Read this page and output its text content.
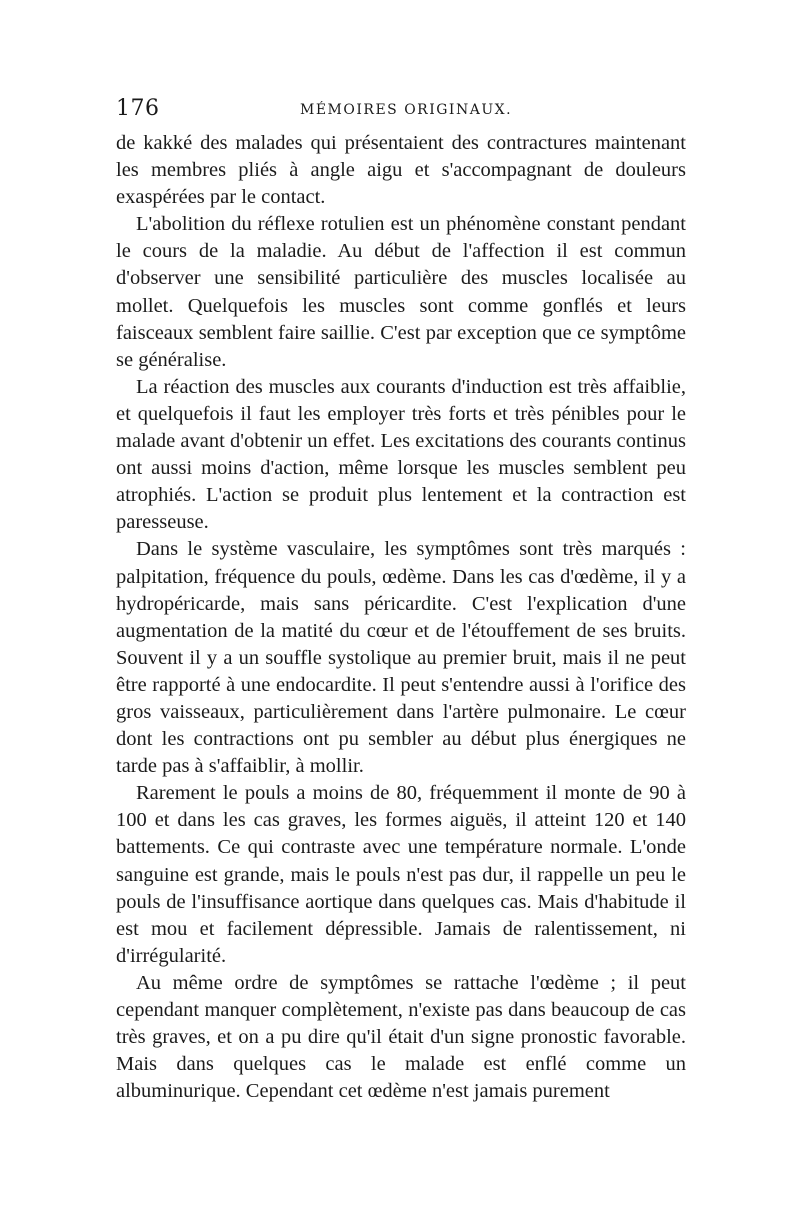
176	MÉMOIRES ORIGINAUX.

de kakké des malades qui présentaient des contractures maintenant les membres pliés à angle aigu et s'accompagnant de douleurs exaspérées par le contact.

L'abolition du réflexe rotulien est un phénomène constant pendant le cours de la maladie. Au début de l'affection il est commun d'observer une sensibilité particulière des muscles localisée au mollet. Quelquefois les muscles sont comme gonflés et leurs faisceaux semblent faire saillie. C'est par exception que ce symptôme se généralise.

La réaction des muscles aux courants d'induction est très affaiblie, et quelquefois il faut les employer très forts et très pénibles pour le malade avant d'obtenir un effet. Les excitations des courants continus ont aussi moins d'action, même lorsque les muscles semblent peu atrophiés. L'action se produit plus lentement et la contraction est paresseuse.

Dans le système vasculaire, les symptômes sont très marqués : palpitation, fréquence du pouls, œdème. Dans les cas d'œdème, il y a hydropéricarde, mais sans péricardite. C'est l'explication d'une augmentation de la matité du cœur et de l'étouffement de ses bruits. Souvent il y a un souffle systolique au premier bruit, mais il ne peut être rapporté à une endocardite. Il peut s'entendre aussi à l'orifice des gros vaisseaux, particulièrement dans l'artère pulmonaire. Le cœur dont les contractions ont pu sembler au début plus énergiques ne tarde pas à s'affaiblir, à mollir.

Rarement le pouls a moins de 80, fréquemment il monte de 90 à 100 et dans les cas graves, les formes aiguës, il atteint 120 et 140 battements. Ce qui contraste avec une température normale. L'onde sanguine est grande, mais le pouls n'est pas dur, il rappelle un peu le pouls de l'insuffisance aortique dans quelques cas. Mais d'habitude il est mou et facilement dépressible. Jamais de ralentissement, ni d'irrégularité.

Au même ordre de symptômes se rattache l'œdème ; il peut cependant manquer complètement, n'existe pas dans beaucoup de cas très graves, et on a pu dire qu'il était d'un signe pronostic favorable. Mais dans quelques cas le malade est enflé comme un albuminurique. Cependant cet œdème n'est jamais purement
